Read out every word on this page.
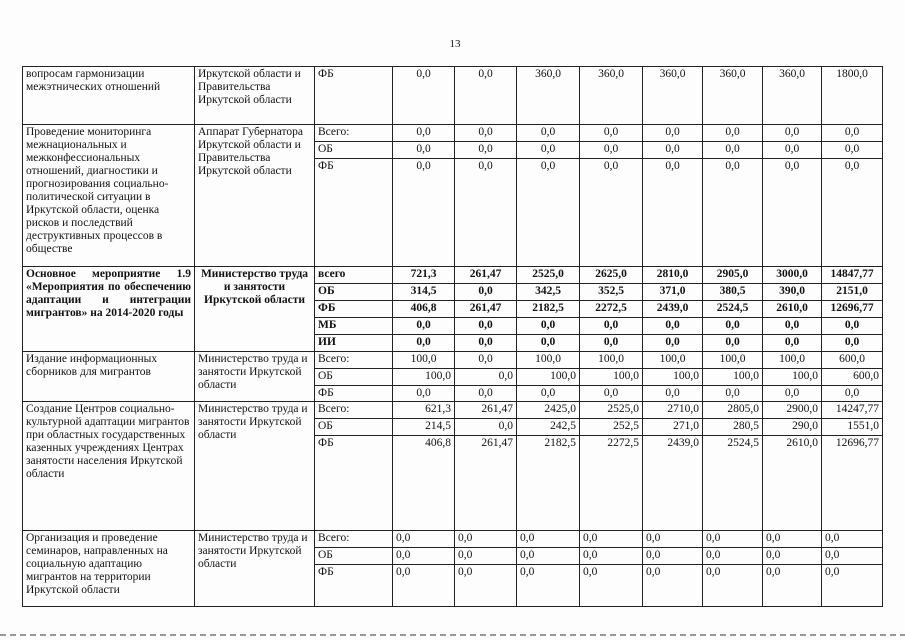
13
вопросам гармонизации межэтнических отношений	Иркутской области и Правительства Иркутской области	ФБ	0,0	0,0	360,0	360,0	360,0	360,0	360,0	1800,0
Проведение мониторинга межнациональных и межконфессиональных отношений, диагностики и прогнозирования социально-политической ситуации в Иркутской области, оценка рисков и последствий деструктивных процессов в обществе	Аппарат Губернатора Иркутской области и Правительства Иркутской области	Всего:	0,0	0,0	0,0	0,0	0,0	0,0	0,0	0,0
		ОБ	0,0	0,0	0,0	0,0	0,0	0,0	0,0	0,0
		ФБ	0,0	0,0	0,0	0,0	0,0	0,0	0,0	0,0
Основное мероприятие 1.9 «Мероприятия по обеспечению адаптации и интеграции мигрантов» на 2014-2020 годы	Министерство труда и занятости Иркутской области	всего	721,3	261,47	2525,0	2625,0	2810,0	2905,0	3000,0	14847,77
		ОБ	314,5	0,0	342,5	352,5	371,0	380,5	390,0	2151,0
		ФБ	406,8	261,47	2182,5	2272,5	2439,0	2524,5	2610,0	12696,77
		МБ	0,0	0,0	0,0	0,0	0,0	0,0	0,0	0,0
		ИИ	0,0	0,0	0,0	0,0	0,0	0,0	0,0	0,0
Издание информационных сборников для мигрантов	Министерство труда и занятости Иркутской области	Всего:	100,0	0,0	100,0	100,0	100,0	100,0	100,0	600,0
		ОБ	100,0	0,0	100,0	100,0	100,0	100,0	100,0	600,0
		ФБ	0,0	0,0	0,0	0,0	0,0	0,0	0,0	0,0
Создание Центров социально-культурной адаптации мигрантов при областных государственных казенных учреждениях Центрах занятости населения Иркутской области	Министерство труда и занятости Иркутской области	Всего:	621,3	261,47	2425,0	2525,0	2710,0	2805,0	2900,0	14247,77
		ОБ	214,5	0,0	242,5	252,5	271,0	280,5	290,0	1551,0
		ФБ	406,8	261,47	2182,5	2272,5	2439,0	2524,5	2610,0	12696,77
Организация и проведение семинаров, направленных на социальную адаптацию мигрантов на территории Иркутской области	Министерство труда и занятости Иркутской области	Всего:	0,0	0,0	0,0	0,0	0,0	0,0	0,0	0,0
		ОБ	0,0	0,0	0,0	0,0	0,0	0,0	0,0	0,0
		ФБ	0,0	0,0	0,0	0,0	0,0	0,0	0,0	0,0
